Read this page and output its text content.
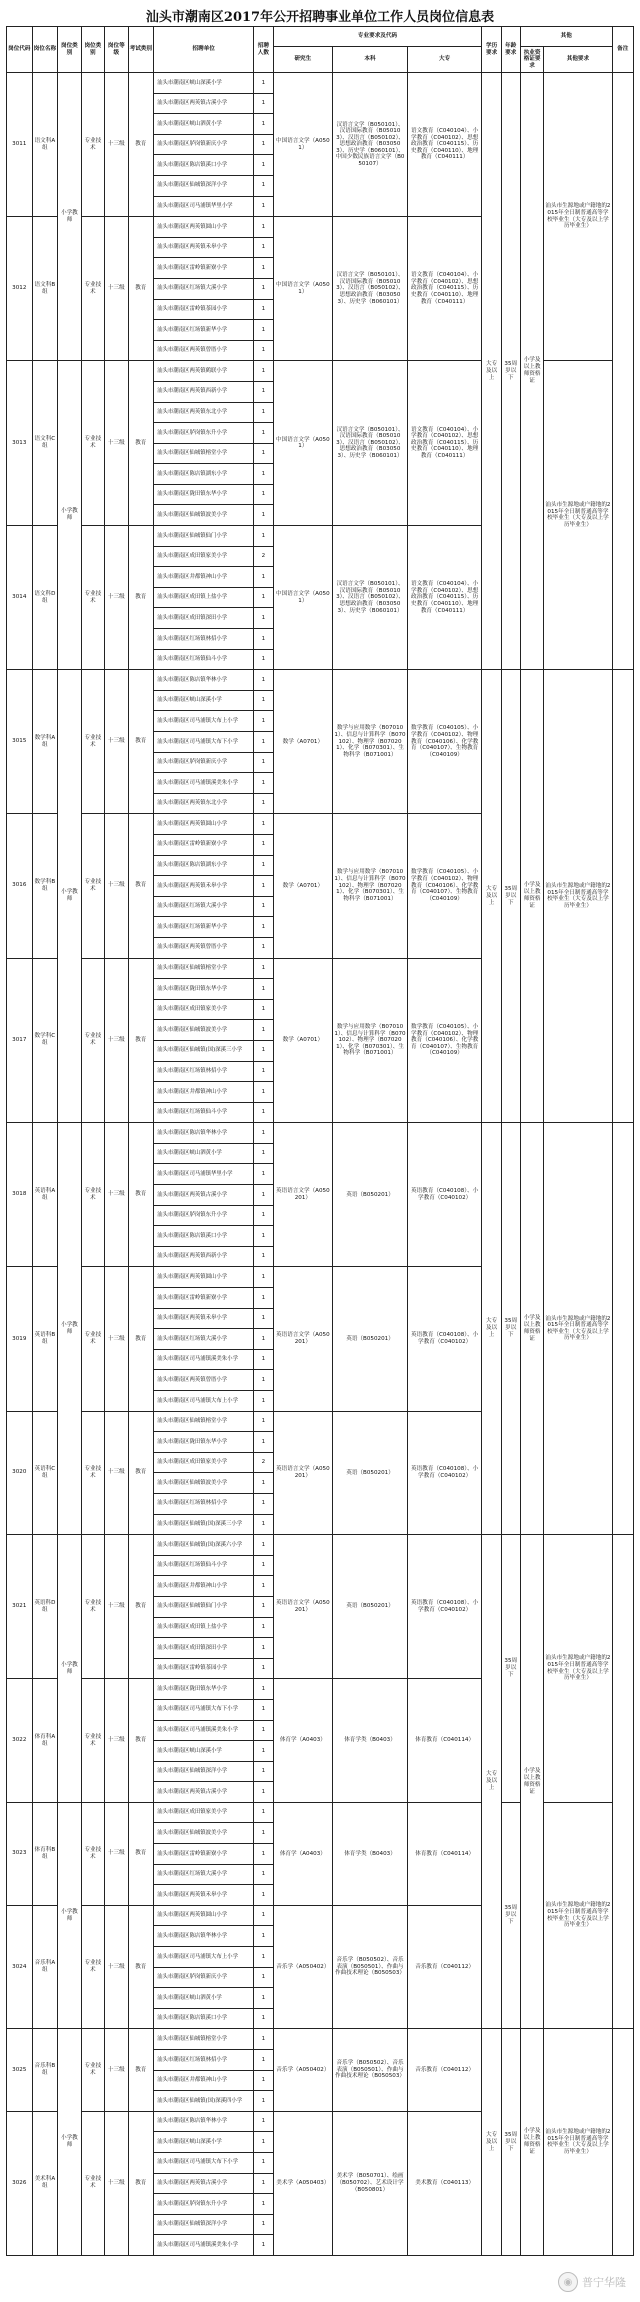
汕头市潮南区2017年公开招聘事业单位工作人员岗位信息表
岗位代码	岗位名称	岗位类别	岗位类别	岗位等级	考试类别	招聘单位	招聘人数	专业要求及代码			学历要求	年龄要求	其他		备注
								研究生	本科	大专			执业资格证要求	其他要求	
3011	语文科A组	小学教师	专业技术	十三级	教育	汕头市潮南区峡山深溪小学	1	中国语言文学（A0501）	汉语言文学（B050101）、汉语国际教育（B050103）、汉语言（B050102）、思想政治教育（B030503）、历史学（B060101）、中国少数民族语言文学（B050107）	语文教育（C040104）、小学教育（C040102）、思想政治教育（C040115）、历史教育（C040110）、地理教育（C040111）	大专及以上	35周岁以下	小学及以上教师资格证	汕头市生源地或户籍地的2015年全日制普通高等学校毕业生（大专及以上学历毕业生）	
						汕头市潮南区两英镇古溪小学	1								
						汕头市潮南区峡山泗黄小学	1								
						汕头市潮南区胪岗镇新庆小学	1								
						汕头市潮南区陈店镇溪口小学	1								
						汕头市潮南区仙城镇深洋小学	1								
						汕头市潮南区司马浦镇华里小学	1								
3012	语文科B组		专业技术	十三级	教育	汕头市潮南区两英镇圆山小学	1	中国语言文学（A0501）	汉语言文学（B050101）、汉语国际教育（B050103）、汉语言（B050102）、思想政治教育（B030503）、历史学（B060101）	语文教育（C040104）、小学教育（C040102）、思想政治教育（C040115）、历史教育（C040110）、地理教育（C040111）					
						汕头市潮南区两英镇禾皋小学	1								
						汕头市潮南区雷岭镇新寮小学	1								
						汕头市潮南区红场镇大溪小学	1								
						汕头市潮南区雷岭镇茶园小学	1								
						汕头市潮南区红场镇新华小学	1								
						汕头市潮南区两英镇曾厝小学	1								
3013	语文科C组	小学教师	专业技术	十三级	教育	汕头市潮南区两英镇鹤联小学	1	中国语言文学（A0501）	汉语言文学（B050101）、汉语国际教育（B050103）、汉语言（B050102）、思想政治教育（B030503）、历史学（B060101）	语文教育（C040104）、小学教育（C040102）、思想政治教育（C040115）、历史教育（C040110）、地理教育（C040111）				汕头市生源地或户籍地的2015年全日制普通高等学校毕业生（大专及以上学历毕业生）	
						汕头市潮南区两英镇西新小学	1								
						汕头市潮南区两英镇东北小学	1								
						汕头市潮南区胪岗镇东升小学	1								
						汕头市潮南区仙城镇榕堂小学	1								
						汕头市潮南区陈店镇湖东小学	1								
						汕头市潮南区陇田镇东华小学	1								
						汕头市潮南区仙城镇波美小学	1								
3014	语文科D组		专业技术	十三级	教育	汕头市潮南区仙城镇仙门小学	1	中国语言文学（A0501）	汉语言文学（B050101）、汉语国际教育（B050103）、汉语言（B050102）、思想政治教育（B030503）、历史学（B060101）	语文教育（C040104）、小学教育（C040102）、思想政治教育（C040115）、历史教育（C040110）、地理教育（C040111）					
						汕头市潮南区成田镇家美小学	2								
						汕头市潮南区井都镇神山小学	1								
						汕头市潮南区成田镇上盐小学	1								
						汕头市潮南区成田镇深田小学	1								
						汕头市潮南区红场镇林招小学	1								
						汕头市潮南区红场镇仙斗小学	1								
3015	数学科A组	小学教师	专业技术	十三级	教育	汕头市潮南区陈店镇华林小学	1	数学（A0701）	数学与应用数学（B070101）、信息与计算科学（B070102）、物理学（B070201）、化学（B070301）、生物科学（B071001）	数学教育（C040105）、小学教育（C040102）、物理教育（C040106）、化学教育（C040107）、生物教育（C040109）	大专及以上	35周岁以下	小学及以上教师资格证	汕头市生源地或户籍地的2015年全日制普通高等学校毕业生（大专及以上学历毕业生）	
						汕头市潮南区峡山深溪小学	1								
						汕头市潮南区司马浦镇大布上小学	1								
						汕头市潮南区司马浦镇大布下小学	1								
						汕头市潮南区胪岗镇新庆小学	1								
						汕头市潮南区司马浦镇溪美朱小学	1								
						汕头市潮南区两英镇东北小学	1								
3016	数学科B组		专业技术	十三级	教育	汕头市潮南区两英镇圆山小学	1	数学（A0701）	数学与应用数学（B070101）、信息与计算科学（B070102）、物理学（B070201）、化学（B070301）、生物科学（B071001）	数学教育（C040105）、小学教育（C040102）、物理教育（C040106）、化学教育（C040107）、生物教育（C040109）					
						汕头市潮南区雷岭镇新寮小学	1								
						汕头市潮南区陈店镇湖东小学	1								
						汕头市潮南区两英镇禾皋小学	1								
						汕头市潮南区红场镇大溪小学	1								
						汕头市潮南区红场镇新华小学	1								
						汕头市潮南区两英镇曾厝小学	1								
3017	数学科C组		专业技术	十三级	教育	汕头市潮南区仙城镇榕堂小学	1	数学（A0701）	数学与应用数学（B070101）、信息与计算科学（B070102）、物理学（B070201）、化学（B070301）、生物科学（B071001）	数学教育（C040105）、小学教育（C040102）、物理教育（C040106）、化学教育（C040107）、生物教育（C040109）					
						汕头市潮南区陇田镇东华小学	1								
						汕头市潮南区成田镇家美小学	1								
						汕头市潮南区仙城镇波美小学	1								
						汕头市潮南区仙城镇(国)深溪三小学	1								
						汕头市潮南区红场镇林招小学	1								
						汕头市潮南区井都镇神山小学	1								
						汕头市潮南区红场镇仙斗小学	1								
3018	英语科A组	小学教师	专业技术	十三级	教育	汕头市潮南区陈店镇华林小学	1	英语语言文学（A050201）	英语（B050201）	英语教育（C040108）、小学教育（C040102）	大专及以上	35周岁以下	小学及以上教师资格证	汕头市生源地或户籍地的2015年全日制普通高等学校毕业生（大专及以上学历毕业生）	
						汕头市潮南区峡山泗黄小学	1								
						汕头市潮南区司马浦镇华里小学	1								
						汕头市潮南区两英镇古溪小学	1								
						汕头市潮南区胪岗镇东升小学	1								
						汕头市潮南区陈店镇溪口小学	1								
						汕头市潮南区两英镇西新小学	1								
3019	英语科B组		专业技术	十三级	教育	汕头市潮南区两英镇圆山小学	1	英语语言文学（A050201）	英语（B050201）	英语教育（C040108）、小学教育（C040102）					
						汕头市潮南区雷岭镇新寮小学	1								
						汕头市潮南区两英镇禾皋小学	1								
						汕头市潮南区红场镇大溪小学	1								
						汕头市潮南区司马浦镇溪美朱小学	1								
						汕头市潮南区两英镇曾厝小学	1								
						汕头市潮南区司马浦镇大布上小学	1								
3020	英语科C组		专业技术	十三级	教育	汕头市潮南区仙城镇榕堂小学	1	英语语言文学（A050201）	英语（B050201）	英语教育（C040108）、小学教育（C040102）					
						汕头市潮南区陇田镇东华小学	1								
						汕头市潮南区成田镇家美小学	2								
						汕头市潮南区仙城镇波美小学	1								
						汕头市潮南区红场镇林招小学	1								
						汕头市潮南区仙城镇(国)深溪三小学	1								
3021	英语科D组	小学教师	专业技术	十三级	教育	汕头市潮南区仙城镇(国)深溪六小学	1	英语语言文学（A050201）	英语（B050201）	英语教育（C040108）、小学教育（C040102）	大专及以上	35周岁以下	小学及以上教师资格证	汕头市生源地或户籍地的2015年全日制普通高等学校毕业生（大专及以上学历毕业生）	
						汕头市潮南区红场镇仙斗小学	1								
						汕头市潮南区井都镇神山小学	1								
						汕头市潮南区仙城镇仙门小学	1								
						汕头市潮南区成田镇上盐小学	1								
						汕头市潮南区成田镇深田小学	1								
						汕头市潮南区雷岭镇茶园小学	1								
3022	体育科A组		专业技术	十三级	教育	汕头市潮南区陇田镇东华小学	1	体育学（A0403）	体育学类（B0403）	体育教育（C040114）					
						汕头市潮南区司马浦镇大布下小学	1								
						汕头市潮南区司马浦镇溪美朱小学	1								
						汕头市潮南区峡山深溪小学	1								
						汕头市潮南区仙城镇深洋小学	1								
						汕头市潮南区两英镇古溪小学	1								
3023	体育科B组	小学教师	专业技术	十三级	教育	汕头市潮南区成田镇家美小学	1	体育学（A0403）	体育学类（B0403）	体育教育（C040114）		35周岁以下		汕头市生源地或户籍地的2015年全日制普通高等学校毕业生（大专及以上学历毕业生）	
						汕头市潮南区仙城镇波美小学	1								
						汕头市潮南区雷岭镇新寮小学	1								
						汕头市潮南区红场镇大溪小学	1								
						汕头市潮南区两英镇禾皋小学	1								
3024	音乐科A组		专业技术	十三级	教育	汕头市潮南区两英镇圆山小学	1	音乐学（A050402）	音乐学（B050502）、音乐表演（B050501）、作曲与作曲技术理论（B050503）	音乐教育（C040112）					
						汕头市潮南区陈店镇华林小学	1								
						汕头市潮南区司马浦镇大布上小学	1								
						汕头市潮南区胪岗镇新庆小学	1								
						汕头市潮南区峡山泗黄小学	1								
						汕头市潮南区陈店镇溪口小学	1								
3025	音乐科B组	小学教师	专业技术	十三级	教育	汕头市潮南区仙城镇榕堂小学	1	音乐学（A050402）	音乐学（B050502）、音乐表演（B050501）、作曲与作曲技术理论（B050503）	音乐教育（C040112）	大专及以上	35周岁以下	小学及以上教师资格证	汕头市生源地或户籍地的2015年全日制普通高等学校毕业生（大专及以上学历毕业生）	
						汕头市潮南区红场镇林招小学	1								
						汕头市潮南区井都镇神山小学	1								
						汕头市潮南区仙城镇(国)深溪四小学	1								
3026	美术科A组		专业技术	十三级	教育	汕头市潮南区陈店镇华林小学	1	美术学（A050403）	美术学（B050701）、绘画（B050702）、艺术设计学（B050801）	美术教育（C040113）					
						汕头市潮南区峡山深溪小学	1								
						汕头市潮南区司马浦镇大布下小学	1								
						汕头市潮南区两英镇古溪小学	1								
						汕头市潮南区胪岗镇东升小学	1								
						汕头市潮南区仙城镇深洋小学	1								
						汕头市潮南区司马浦镇溪美朱小学	1								
◉ 普宁华隆
